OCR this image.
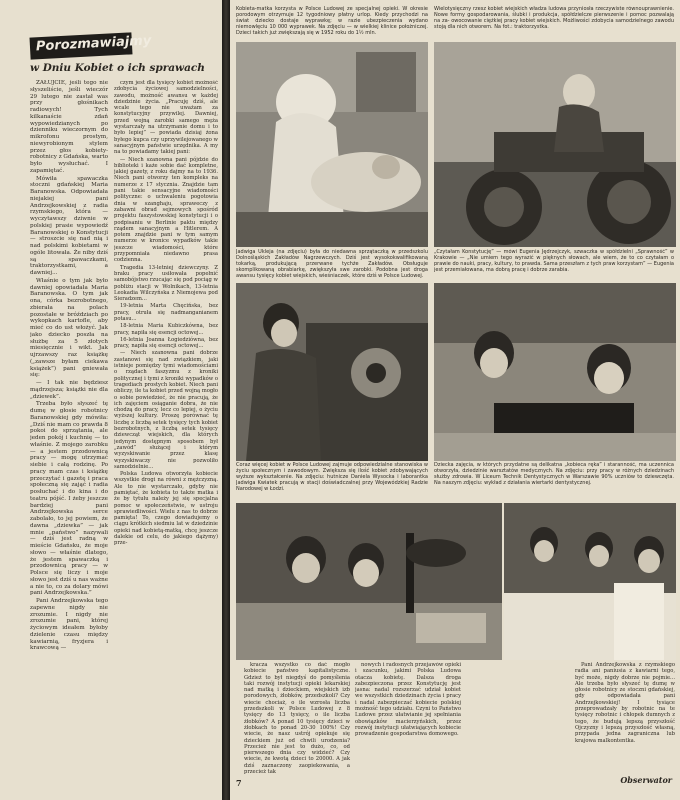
Porozmawiajmy
w Dniu Kobiet o ich sprawach

ZAŁUJCIE, jeśli tego nie słyszeliście, jeśli wieczór 29 lutego nie zastał was przy głośnikach radiowych! Tych kilkanaście zdań wypowiedzianych po dzienniku wieczornym do mikrofonu prostym, niewyrobionym stylem przez głos kobiety-robotnicy z Gdańska, warto było wysłuchać. I zapamiętać.

Mówiła spawaczka stoczni gdańskiej Maria Baranowska. Odpowiadała niejakiej pani Andrzejkowskiej z radia rzymskiego, która — wyczytawszy dziwnie w polskiej prasie wypowiedź Baranowskiej o Konstytucji — stroszcie się nad nią i nad polskimi kobietami w ogóle litowała. Że niby dziś są spawaczkami, traktorzystkami, a dawniej...

Właśnie o tym jak było dawniej opowiadała Maria Baranowska. O tym jak ona, córka bezrobotnego, zbierała na polach pozostałe w bróździach po wykopkach kartofle, aby mieć co do ust włożyć. Jak jako dziecko poszła na służbę za 5 złotych miesięcznie i wikt. Jak ujrzawszy raz książkę („zawsze byłam ciekawa książek”) pani gniewała się:

— I tak nie będziesz mądrzejsza; książki nie dla „dziewek”.

Trzeba było słyszeć tę dumę w głosie robotnicy Baranowskiej gdy mówiła: „Dziś nie mam co prawda 8 pokoi do sprzątania, ale jeden pokój i kuchnię — to właśnie. Z mojego zarobku — a jestem przodownicą pracy — mogę utrzymać siebie i całą rodzinę. Po pracy mam czas i książkę przeczytać i gazetę i praca społeczną się zająć i radia posłuchać i do kina i do teatru pójść. I żeby jeszcze bardziej pani Andrzejkowska serce zabolało, to jej powiem, że dawna „dziewka” — jak mnie „państwo” nazywali — dziś jest radną w mieście Gdańsku, że moje słowo — właśnie dlatego, że jestem spawaczką i przodownicą pracy — w Polsce się liczy i moje słowo jest dziś u nas ważne a nie to, co za dolary mówi pani Andrzejkowska.”

Pani Andrzejkowska tego zapewne nigdy nie zrozumie. I nigdy nie zrozumie pani, której życiowym ideałem byłoby dzielenie czasu między kawiarnią, fryzjera i krawcową —

czym jest dla tysięcy kobiet możność zdobycia życiowej samodzielności, zawodu, możność awansu w każdej dziedzinie życia. „Pracuję dziś, ale wcale tego nie uważam za konstytucyjny przywilej. Dawniej, przed wojną zarobki samego męża wystarczały na utrzymanie domu i to było lepiej” — powiada dzisiaj żona byłego kupca czy uprzywilejowanego w sanacyjnym państwie urzędnika. A my na to powiadamy takiej pani:

— Niech szanowna pani pójdzie do biblioteki i każe sobie dać kompletne, jakiej gazety, z roku dajmy na to 1936. Niech pani otworzy ten kompleks na numerze z 17 stycznia. Znajdzie tam pani takie sensacyjne wiadomości polityczne: o uchwaleniu pogotowia dnia w szanghaju, spraweczy z zabawni obrad sejmowych spośród projektu faszystowskiej konstytucji i o podpisaniu w Berlinie paktu między rządem sanacyjnym a Hitlerem. A potem znajdzie pani w tym samym numerze w kronice wypadków takie jeszcze wiadomości, które przypomniała niedawno prasa codzienna.

Tragedia 13-letniej dziewczyny. Z braku pracy usiłowała popełnić samobójstwo rzucając się pod pociąg w pobliżu stacji w Wolnikach, 13-letnia Leokadia Wilczyńska z Niemojewa pod Sieradzem...

19-letnia Marta Chęcińska, bez pracy, otruła się nadmanganianem potasu...

18-letnia Maria Kubiczkówna, bez pracy, napiła się esencji octowej...

16-letnia Joanna Łogiedziówna, bez pracy, napiła się esencji octowej...

— Niech szanowna pani dobrze zastanowi się nad związkiem, jaki istnieje pomiędzy tymi wiadomościami o rządach faszyzmu z kroniki politycznej i tymi z kroniki wypadków o tragediach prostych kobiet. Niech pani obliczy, ile ta kobiet przed wojną mogło o sobie powiedzieć, że nie pracują, że ich zajęciem osiąganie dobra, że nie chodzą do pracy, lecz co lepiej, o życiu wyższej kultury. Proszę porównać tę liczbę z liczbą setek tysięcy tych kobiet bezrobotnych, z liczbą setek tysięcy dziewcząt wiejskich, dla których jedynym dostępnym sposobem był „zawód” służącej i którym wyzyskiwanie przez klasę wyzyskiwaczy nie pozwoliło samodzielnie...

Polska Ludowa otworzyła kobiecie wszystkie drogi na równi z mężczyzną. Ale to nie wystarczało, gdyby nie pamiętać, że kobieta to także matka i że by tytułu należy jej się specjalna pomoc w społeczeństwie, w ustroju sprawiedliwości. Wielu z nas to dobrze pamięta! To, czego dowiadujemy o ciągu krótkich siedmiu lat w dziedzinie opieki nad kobietą-matką, chcę jeszcze dalekie od celu, do jakiego dążymy) prze-

Kobieta-matka korzysta w Polsce Ludowej ze specjalnej opieki. W okresie porodowym otrzymuje 12 tygodniowy płatny urlop. Kiedy przychodzi na świat dziecko dostaje wyprawkę; w razie ubezpieczenia wydano niemowlęciu 10 000 wyprawek. Na zdjęciu — w wielkiej klinice położniczej. Dzieci takich już zwiększają się w 1952 roku do 1½ mln.
Wielotysięczny rzesz kobiet wiejskich władza ludowa przyniosła rzeczywiste równouprawnienie. Nowe formy gospodarowania, ślubki i produkcja, spółdzielcze pierwszenie i pomoc pozwalają na za- owocowanie ciężkiej pracy kobiet wiejskich. Możliwości zdobycia samodzielnego zawodu stoją dla nich otworem. Na fot.: traktorzystka.
Jadwiga Ukleja (na zdjęciu) była do niedawna sprzątaczką w przedszkolu Dolnośląskich Zakładów Nagrzewczych. Dziś jest wysokokwalifikowaną tokarką, produkującą przerwane tychże Zakładów. Obsługuje skomplikowaną obrabiarkę, zwiększyła swe zarobki. Podobna jest droga awansu tysięcy kobiet wiejskich, wieśniaczek, które dziś w Polsce Ludowej.
„Czytałam Konstytucję” — mówi Eugenia Jędrzejczyk, szwaczka w spółdzielni „Sprawność” w Krakowie — „Nie umiem tego wyrazić w pięknych słowach, ale wiem, że to co czytałam o prawie do nauki, pracy, kultury, to prawda. Sama przeszłam z tych praw korzystam” — Eugenia jest przemiałowana, ma dobrą pracę i dobrze zarabia.
Coraz więcej kobiet w Polsce Ludowej zajmuje odpowiedzialne stanowiska w życiu społecznym i zawodowym. Zwiększa się ilość kobiet zdobywających wyższe wykształcenie. Na zdjęciu: hutnicze Daniela Wysocka i laborantka Jadwiga Kwiatek pracują w stacji doświadczalnej przy Wojewódzkiej Radzie Narodowej w Łodzi.
Dziecka zajęcia, w których przydatne są delikatna „kobieca ręka” i staranność, ma uczennica otworzyła, dziedzinie warsztatów medycznych. Na zdjęciu: przy pracy w różnych dziedzinach służby zdrowia. W Liceum Technik Dentystycznych w Warszawie 90% uczniów to dziewczęta. Na naszym zdjęciu: wykład z działania wiertarki dentystycznej.

kracza wszystko co dać mogło kobiecie państwo kapitalistyczne. Gdzież to był niegdyś do pomyślenia taki rozwój instytucji opieki lekarskiej nad matką i dzieckiem, wiejskich izb porodowych, żłobków, przedszkoli? Czy wiecie chociaż, o ile wzrosła liczba przedszkoli w Polsce Ludowej z 8 tysięcy do 13 tysięcy, o ile liczba żłobków? A ponad 10 tysięcy dzieci w żłobkach to ponad 20-30 100%! Czy wiecie, że nasz ustrój opiekuje się dzieckiem już od chwili urodzenia? Przecież nie jest to dużo, co, od pierwszego dnia czy widzieć? Czy wiecie, że kwotą dzieci to 20000. A jak dziś zaznaczony zaopiekowania, a przecież tak

nowych i radosnych przejawów opieki i szacunku, jakimi Polska Ludowa otacza kobietę. Dalsza droga zabezpieczona przez Konstytucję jest jasna: nadal rozszerzać udział kobiet we wszystkich dziedzinach życia i pracy i nadal zabezpieczać kobiecie polskiej możność tego udziału. Czyni to Państwo Ludowe przez ułatwianie jej spełniania obowiązków macierzyńskich, przez rozwój instytucji ułatwiających kobiecie prowadzenie gospodarstwa domowego.

Pani Andrzejkowska z rzymskiego radia ani paniusia z kawiarni tego, być może, nigdy dobrze nie pojmie... Ale trzeba było słyszeć tę dumę w głosie robotnicy ze stoczni gdańskiej, gdy odpowiadała pani Andrzejkowskiej! I tysiące przeprowadzały by robotnic na te tysięcy robotnic i chłopek dumnych z tego, że budują lepszą przyszłość Ojczyzny i lepszą przyszłość własną, przypada jedna zagraniczna lub krajowa malkontentka.

7	Obserwator
